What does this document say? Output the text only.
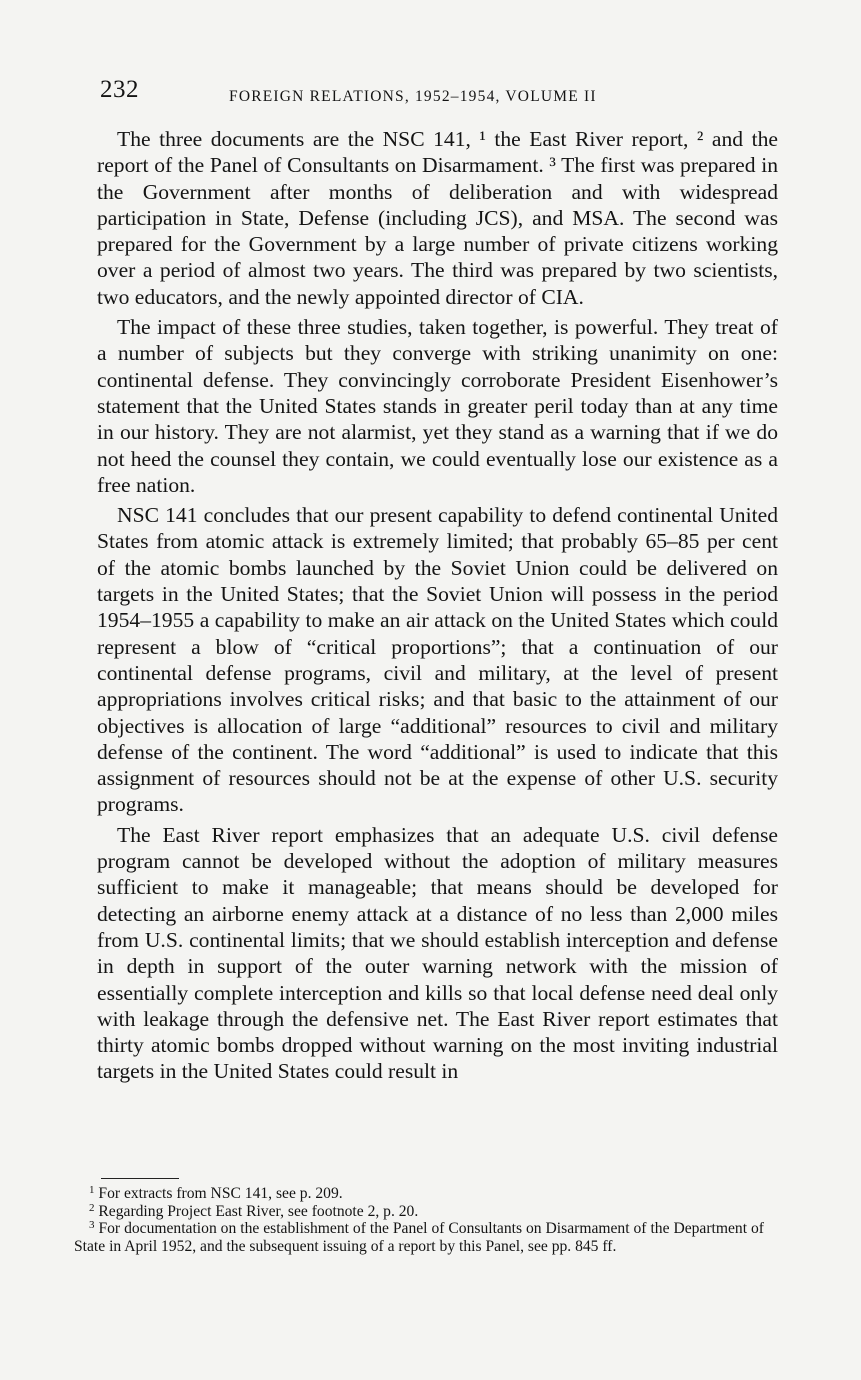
232	FOREIGN RELATIONS, 1952–1954, VOLUME II

The three documents are the NSC 141, ¹ the East River report, ² and the report of the Panel of Consultants on Disarmament. ³ The first was prepared in the Government after months of deliberation and with widespread participation in State, Defense (including JCS), and MSA. The second was prepared for the Government by a large number of private citizens working over a period of almost two years. The third was prepared by two scientists, two educators, and the newly appointed director of CIA.

The impact of these three studies, taken together, is powerful. They treat of a number of subjects but they converge with striking unanimity on one: continental defense. They convincingly corroborate President Eisenhower’s statement that the United States stands in greater peril today than at any time in our history. They are not alarmist, yet they stand as a warning that if we do not heed the counsel they contain, we could eventually lose our existence as a free nation.

NSC 141 concludes that our present capability to defend continental United States from atomic attack is extremely limited; that probably 65–85 per cent of the atomic bombs launched by the Soviet Union could be delivered on targets in the United States; that the Soviet Union will possess in the period 1954–1955 a capability to make an air attack on the United States which could represent a blow of “critical proportions”; that a continuation of our continental defense programs, civil and military, at the level of present appropriations involves critical risks; and that basic to the attainment of our objectives is allocation of large “additional” resources to civil and military defense of the continent. The word “additional” is used to indicate that this assignment of resources should not be at the expense of other U.S. security programs.

The East River report emphasizes that an adequate U.S. civil defense program cannot be developed without the adoption of military measures sufficient to make it manageable; that means should be developed for detecting an airborne enemy attack at a distance of no less than 2,000 miles from U.S. continental limits; that we should establish interception and defense in depth in support of the outer warning network with the mission of essentially complete interception and kills so that local defense need deal only with leakage through the defensive net. The East River report estimates that thirty atomic bombs dropped without warning on the most inviting industrial targets in the United States could result in

$^1$ For extracts from NSC 141, see p. 209.

$^2$ Regarding Project East River, see footnote 2, p. 20.

$^3$ For documentation on the establishment of the Panel of Consultants on Disarmament of the Department of State in April 1952, and the subsequent issuing of a report by this Panel, see pp. 845 ff.
